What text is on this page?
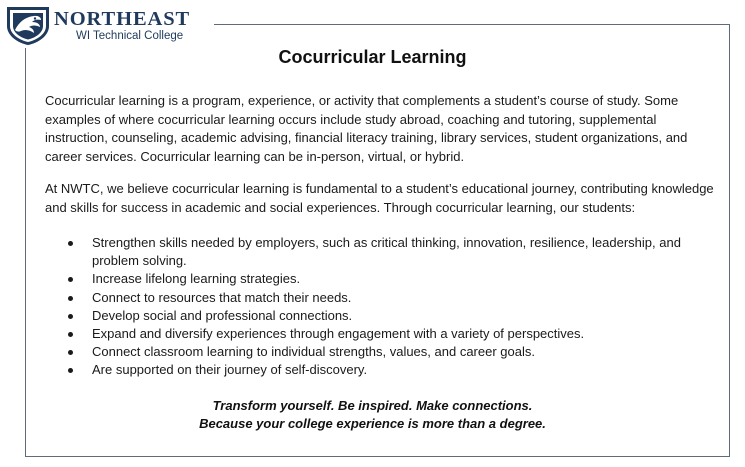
NORTHEAST
WI Technical College
Cocurricular Learning
Cocurricular learning is a program, experience, or activity that complements a student’s course of study. Some examples of where cocurricular learning occurs include study abroad, coaching and tutoring, supplemental instruction, counseling, academic advising, financial literacy training, library services, student organizations, and career services. Cocurricular learning can be in-person, virtual, or hybrid.
At NWTC, we believe cocurricular learning is fundamental to a student’s educational journey, contributing knowledge and skills for success in academic and social experiences. Through cocurricular learning, our students:
Strengthen skills needed by employers, such as critical thinking, innovation, resilience, leadership, and problem solving.
Increase lifelong learning strategies.
Connect to resources that match their needs.
Develop social and professional connections.
Expand and diversify experiences through engagement with a variety of perspectives.
Connect classroom learning to individual strengths, values, and career goals.
Are supported on their journey of self-discovery.
Transform yourself. Be inspired. Make connections.
Because your college experience is more than a degree.
